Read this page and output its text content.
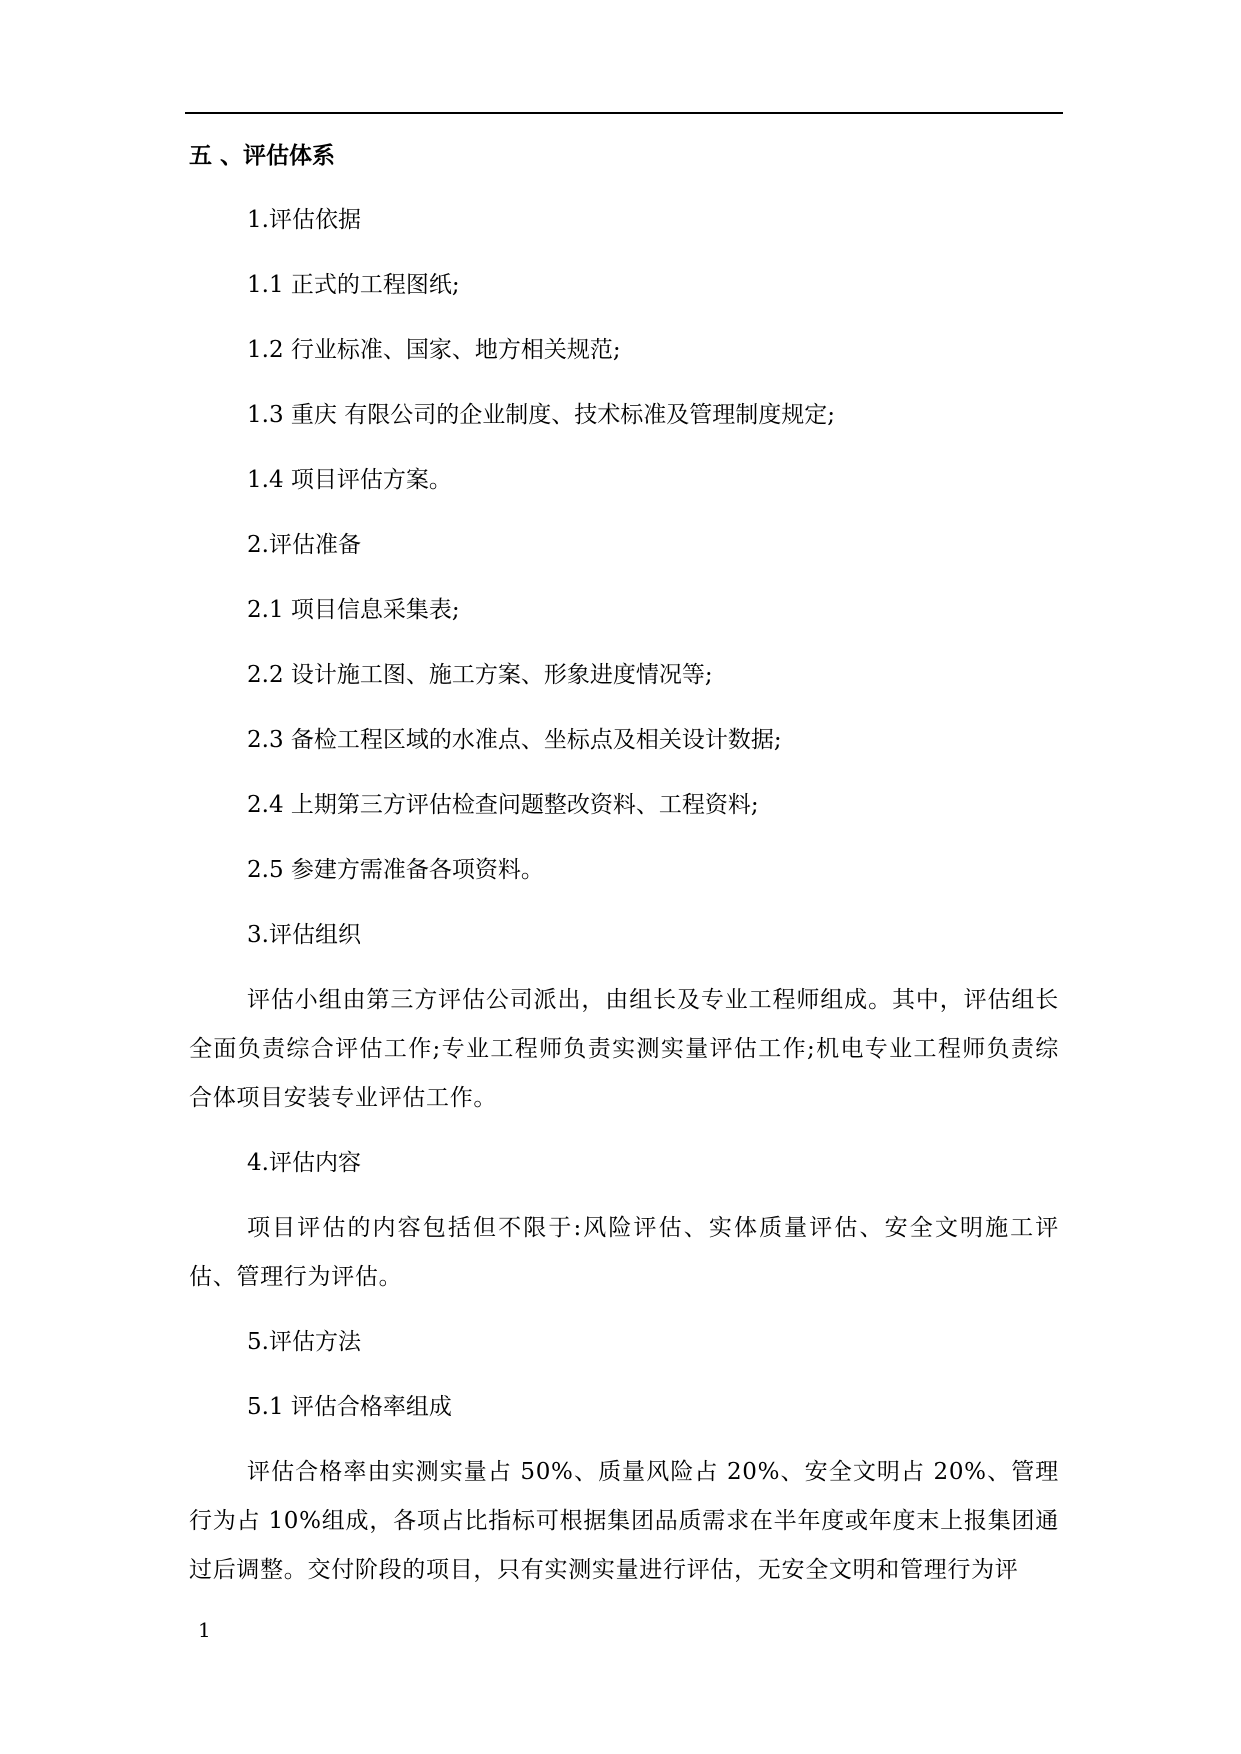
五 、评估体系
1.评估依据
1.1 正式的工程图纸;
1.2 行业标准、国家、地方相关规范;
1.3 重庆 有限公司的企业制度、技术标准及管理制度规定;
1.4 项目评估方案。
2.评估准备
2.1 项目信息采集表;
2.2 设计施工图、施工方案、形象进度情况等;
2.3 备检工程区域的水准点、坐标点及相关设计数据;
2.4 上期第三方评估检查问题整改资料、工程资料;
2.5 参建方需准备各项资料。
3.评估组织
评估小组由第三方评估公司派出，由组长及专业工程师组成。其中，评估组长全面负责综合评估工作;专业工程师负责实测实量评估工作;机电专业工程师负责综合体项目安装专业评估工作。
4.评估内容
项目评估的内容包括但不限于:风险评估、实体质量评估、安全文明施工评估、管理行为评估。
5.评估方法
5.1 评估合格率组成
评估合格率由实测实量占 50%、质量风险占 20%、安全文明占 20%、管理行为占 10%组成，各项占比指标可根据集团品质需求在半年度或年度末上报集团通过后调整。交付阶段的项目，只有实测实量进行评估，无安全文明和管理行为评
1
